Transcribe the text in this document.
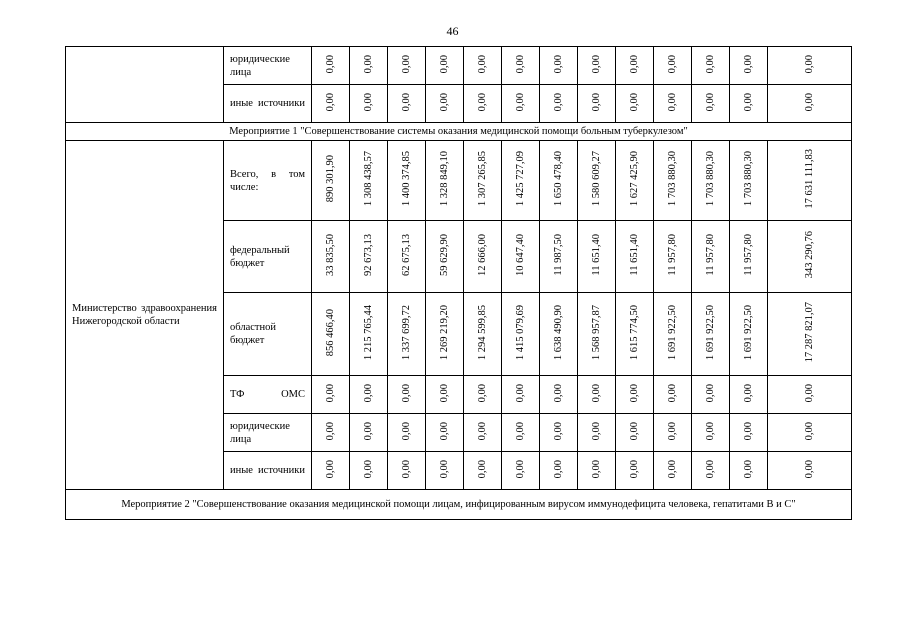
46

	юридические лица	0,00	0,00	0,00	0,00	0,00	0,00	0,00	0,00	0,00	0,00	0,00	0,00	0,00

	иные источники	0,00	0,00	0,00	0,00	0,00	0,00	0,00	0,00	0,00	0,00	0,00	0,00	0,00
Мероприятие 1 "Совершенствование системы оказания медицинской помощи больным туберкулезом"														
Министерство здравоохранения Нижегородской области	Всего, в том числе:	890 301,90	1 308 438,57	1 400 374,85	1 328 849,10	1 307 265,85	1 425 727,09	1 650 478,40	1 580 609,27	1 627 425,90	1 703 880,30	1 703 880,30	1 703 880,30	17 631 111,83

	федеральный бюджет	33 835,50	92 673,13	62 675,13	59 629,90	12 666,00	10 647,40	11 987,50	11 651,40	11 651,40	11 957,80	11 957,80	11 957,80	343 290,76

	областной бюджет	856 466,40	1 215 765,44	1 337 699,72	1 269 219,20	1 294 599,85	1 415 079,69	1 638 490,90	1 568 957,87	1 615 774,50	1 691 922,50	1 691 922,50	1 691 922,50	17 287 821,07

	ТФ ОМС	0,00	0,00	0,00	0,00	0,00	0,00	0,00	0,00	0,00	0,00	0,00	0,00	0,00

	юридические лица	0,00	0,00	0,00	0,00	0,00	0,00	0,00	0,00	0,00	0,00	0,00	0,00	0,00

	иные источники	0,00	0,00	0,00	0,00	0,00	0,00	0,00	0,00	0,00	0,00	0,00	0,00	0,00
Мероприятие 2 "Совершенствование оказания медицинской помощи лицам, инфицированным вирусом иммунодефицита человека, гепатитами В и С"														
